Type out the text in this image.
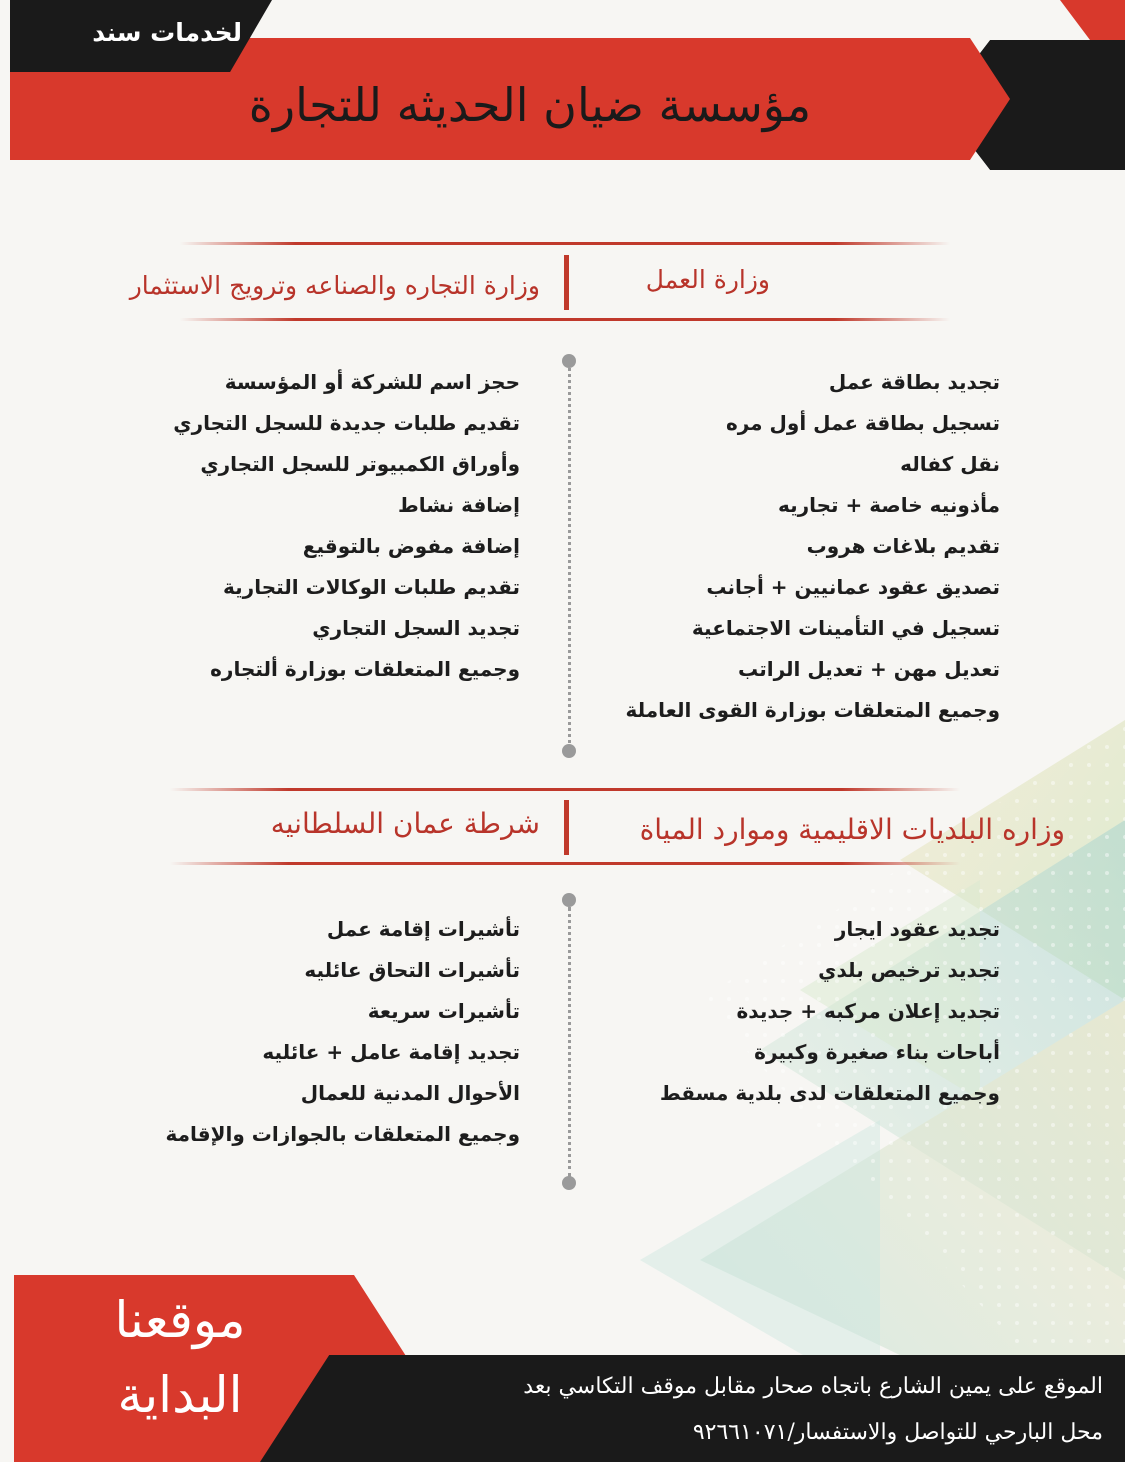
لخدمات سند
مؤسسة ضيان الحديثه للتجارة
وزارة العمل
وزارة التجاره والصناعه وترويج الاستثمار
تجديد بطاقة عمل
تسجيل بطاقة عمل أول مره
نقل كفاله
مأذونيه خاصة + تجاريه
تقديم بلاغات هروب
تصديق عقود عمانيين + أجانب
تسجيل في التأمينات الاجتماعية
تعديل مهن + تعديل الراتب
وجميع المتعلقات بوزارة القوى العاملة
حجز اسم للشركة أو المؤسسة
تقديم طلبات جديدة للسجل التجاري
وأوراق الكمبيوتر للسجل التجاري
إضافة نشاط
إضافة مفوض بالتوقيع
تقديم طلبات الوكالات التجارية
تجديد السجل التجاري
وجميع المتعلقات بوزارة ألتجاره
وزاره البلديات الاقليمية وموارد المياة
شرطة عمان السلطانيه
تجديد عقود ايجار
تجديد ترخيص بلدي
تجديد إعلان مركبه + جديدة
أباحات بناء صغيرة وكبيرة
وجميع المتعلقات لدى بلدية مسقط
تأشيرات إقامة عمل
تأشيرات التحاق عائليه
تأشيرات سريعة
تجديد إقامة عامل + عائليه
الأحوال المدنية للعمال
وجميع المتعلقات بالجوازات والإقامة
موقعنا
البداية	الموقع على يمين الشارع باتجاه صحار مقابل موقف التكاسي بعد
محل البارحي للتواصل والاستفسار/٩٢٦٦١٠٧١
